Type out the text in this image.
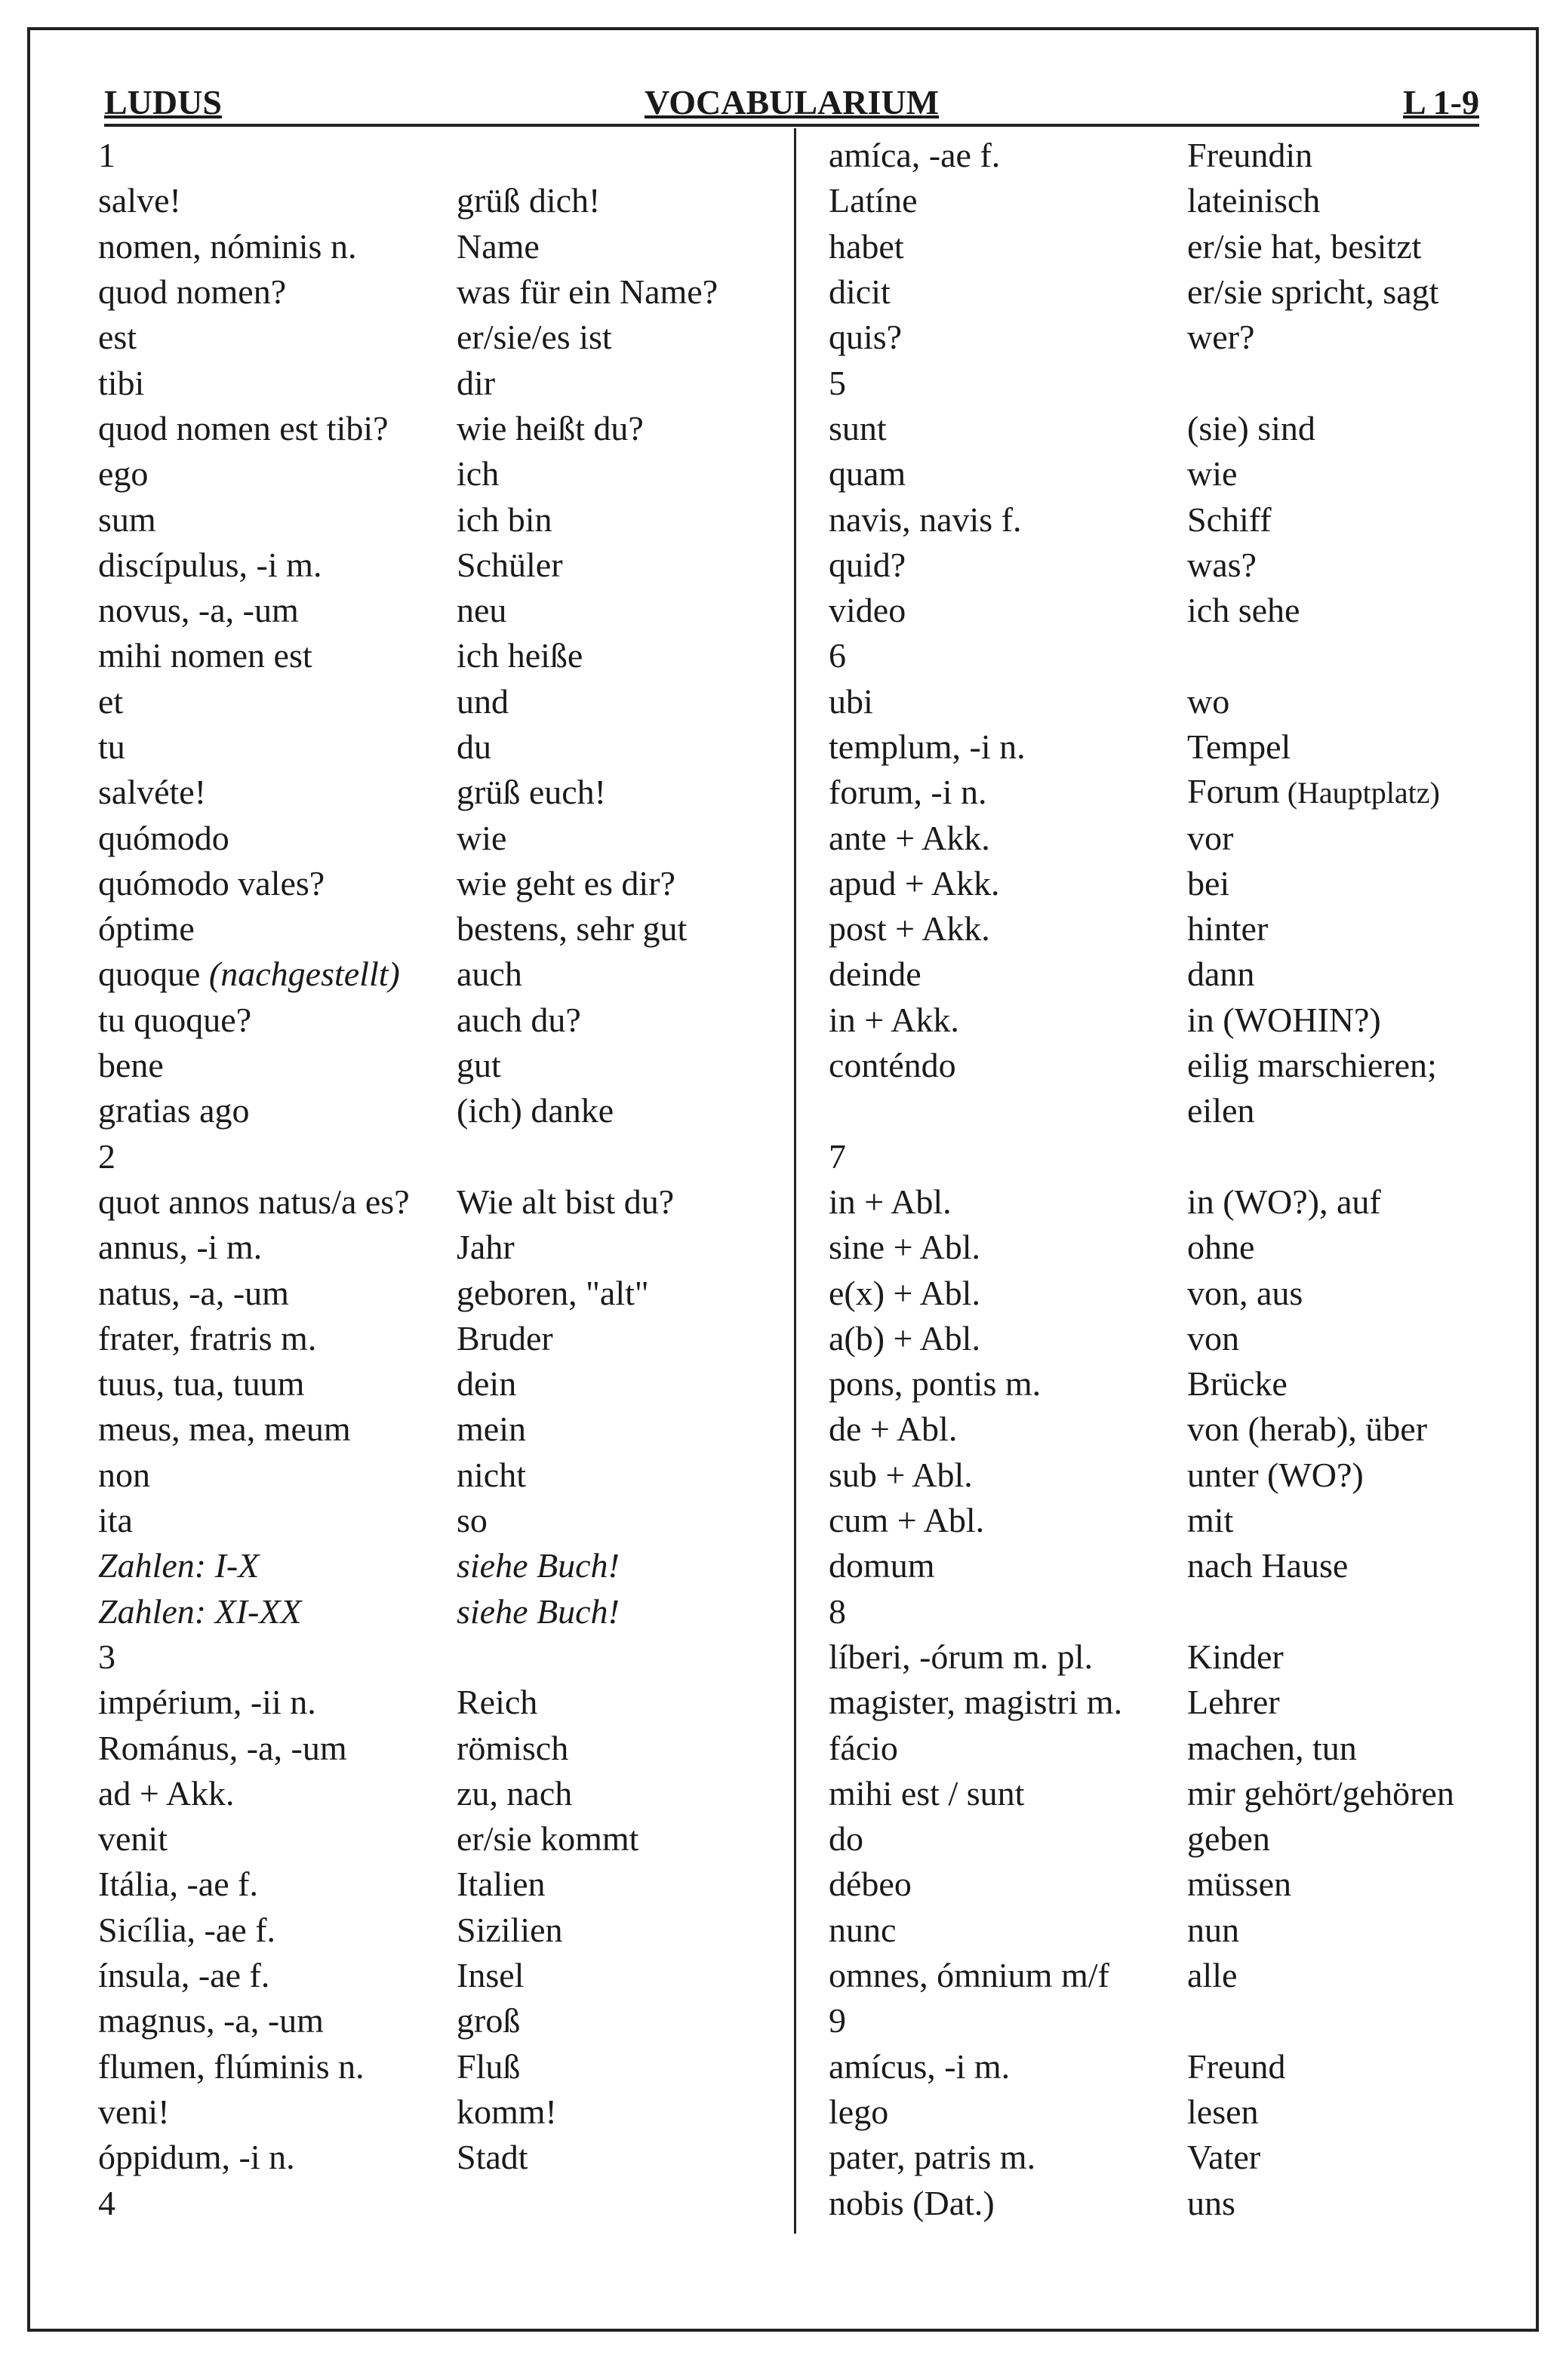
LUDUS	VOCABULARIUM	L 1-9
1
salve!	grüß dich!
nomen, nóminis n.	Name
quod nomen?	was für ein Name?
est	er/sie/es ist
tibi	dir
quod nomen est tibi?	wie heißt du?
ego	ich
sum	ich bin
discípulus, -i m.	Schüler
novus, -a, -um	neu
mihi nomen est	ich heiße
et	und
tu	du
salvéte!	grüß euch!
quómodo	wie
quómodo vales?	wie geht es dir?
óptime	bestens, sehr gut
quoque (nachgestellt)	auch
tu quoque?	auch du?
bene	gut
gratias ago	(ich) danke
2
quot annos natus/a es?	Wie alt bist du?
annus, -i m.	Jahr
natus, -a, -um	geboren, "alt"
frater, fratris m.	Bruder
tuus, tua, tuum	dein
meus, mea, meum	mein
non	nicht
ita	so
Zahlen: I-X	siehe Buch!
Zahlen: XI-XX	siehe Buch!
3
impérium, -ii n.	Reich
Románus, -a, -um	römisch
ad + Akk.	zu, nach
venit	er/sie kommt
Itália, -ae f.	Italien
Sicília, -ae f.	Sizilien
ínsula, -ae f.	Insel
magnus, -a, -um	groß
flumen, flúminis n.	Fluß
veni!	komm!
óppidum, -i n.	Stadt
4
amíca, -ae f.	Freundin
Latíne	lateinisch
habet	er/sie hat, besitzt
dicit	er/sie spricht, sagt
quis?	wer?
5
sunt	(sie) sind
quam	wie
navis, navis f.	Schiff
quid?	was?
video	ich sehe
6
ubi	wo
templum, -i n.	Tempel
forum, -i n.	Forum (Hauptplatz)
ante + Akk.	vor
apud + Akk.	bei
post + Akk.	hinter
deinde	dann
in + Akk.	in (WOHIN?)
conténdo	eilig marschieren;
eilen
7
in + Abl.	in (WO?), auf
sine + Abl.	ohne
e(x) + Abl.	von, aus
a(b) + Abl.	von
pons, pontis m.	Brücke
de + Abl.	von (herab), über
sub + Abl.	unter (WO?)
cum + Abl.	mit
domum	nach Hause
8
líberi, -órum m. pl.	Kinder
magister, magistri m.	Lehrer
fácio	machen, tun
mihi est / sunt	mir gehört/gehören
do	geben
débeo	müssen
nunc	nun
omnes, ómnium m/f	alle
9
amícus, -i m.	Freund
lego	lesen
pater, patris m.	Vater
nobis (Dat.)	uns
